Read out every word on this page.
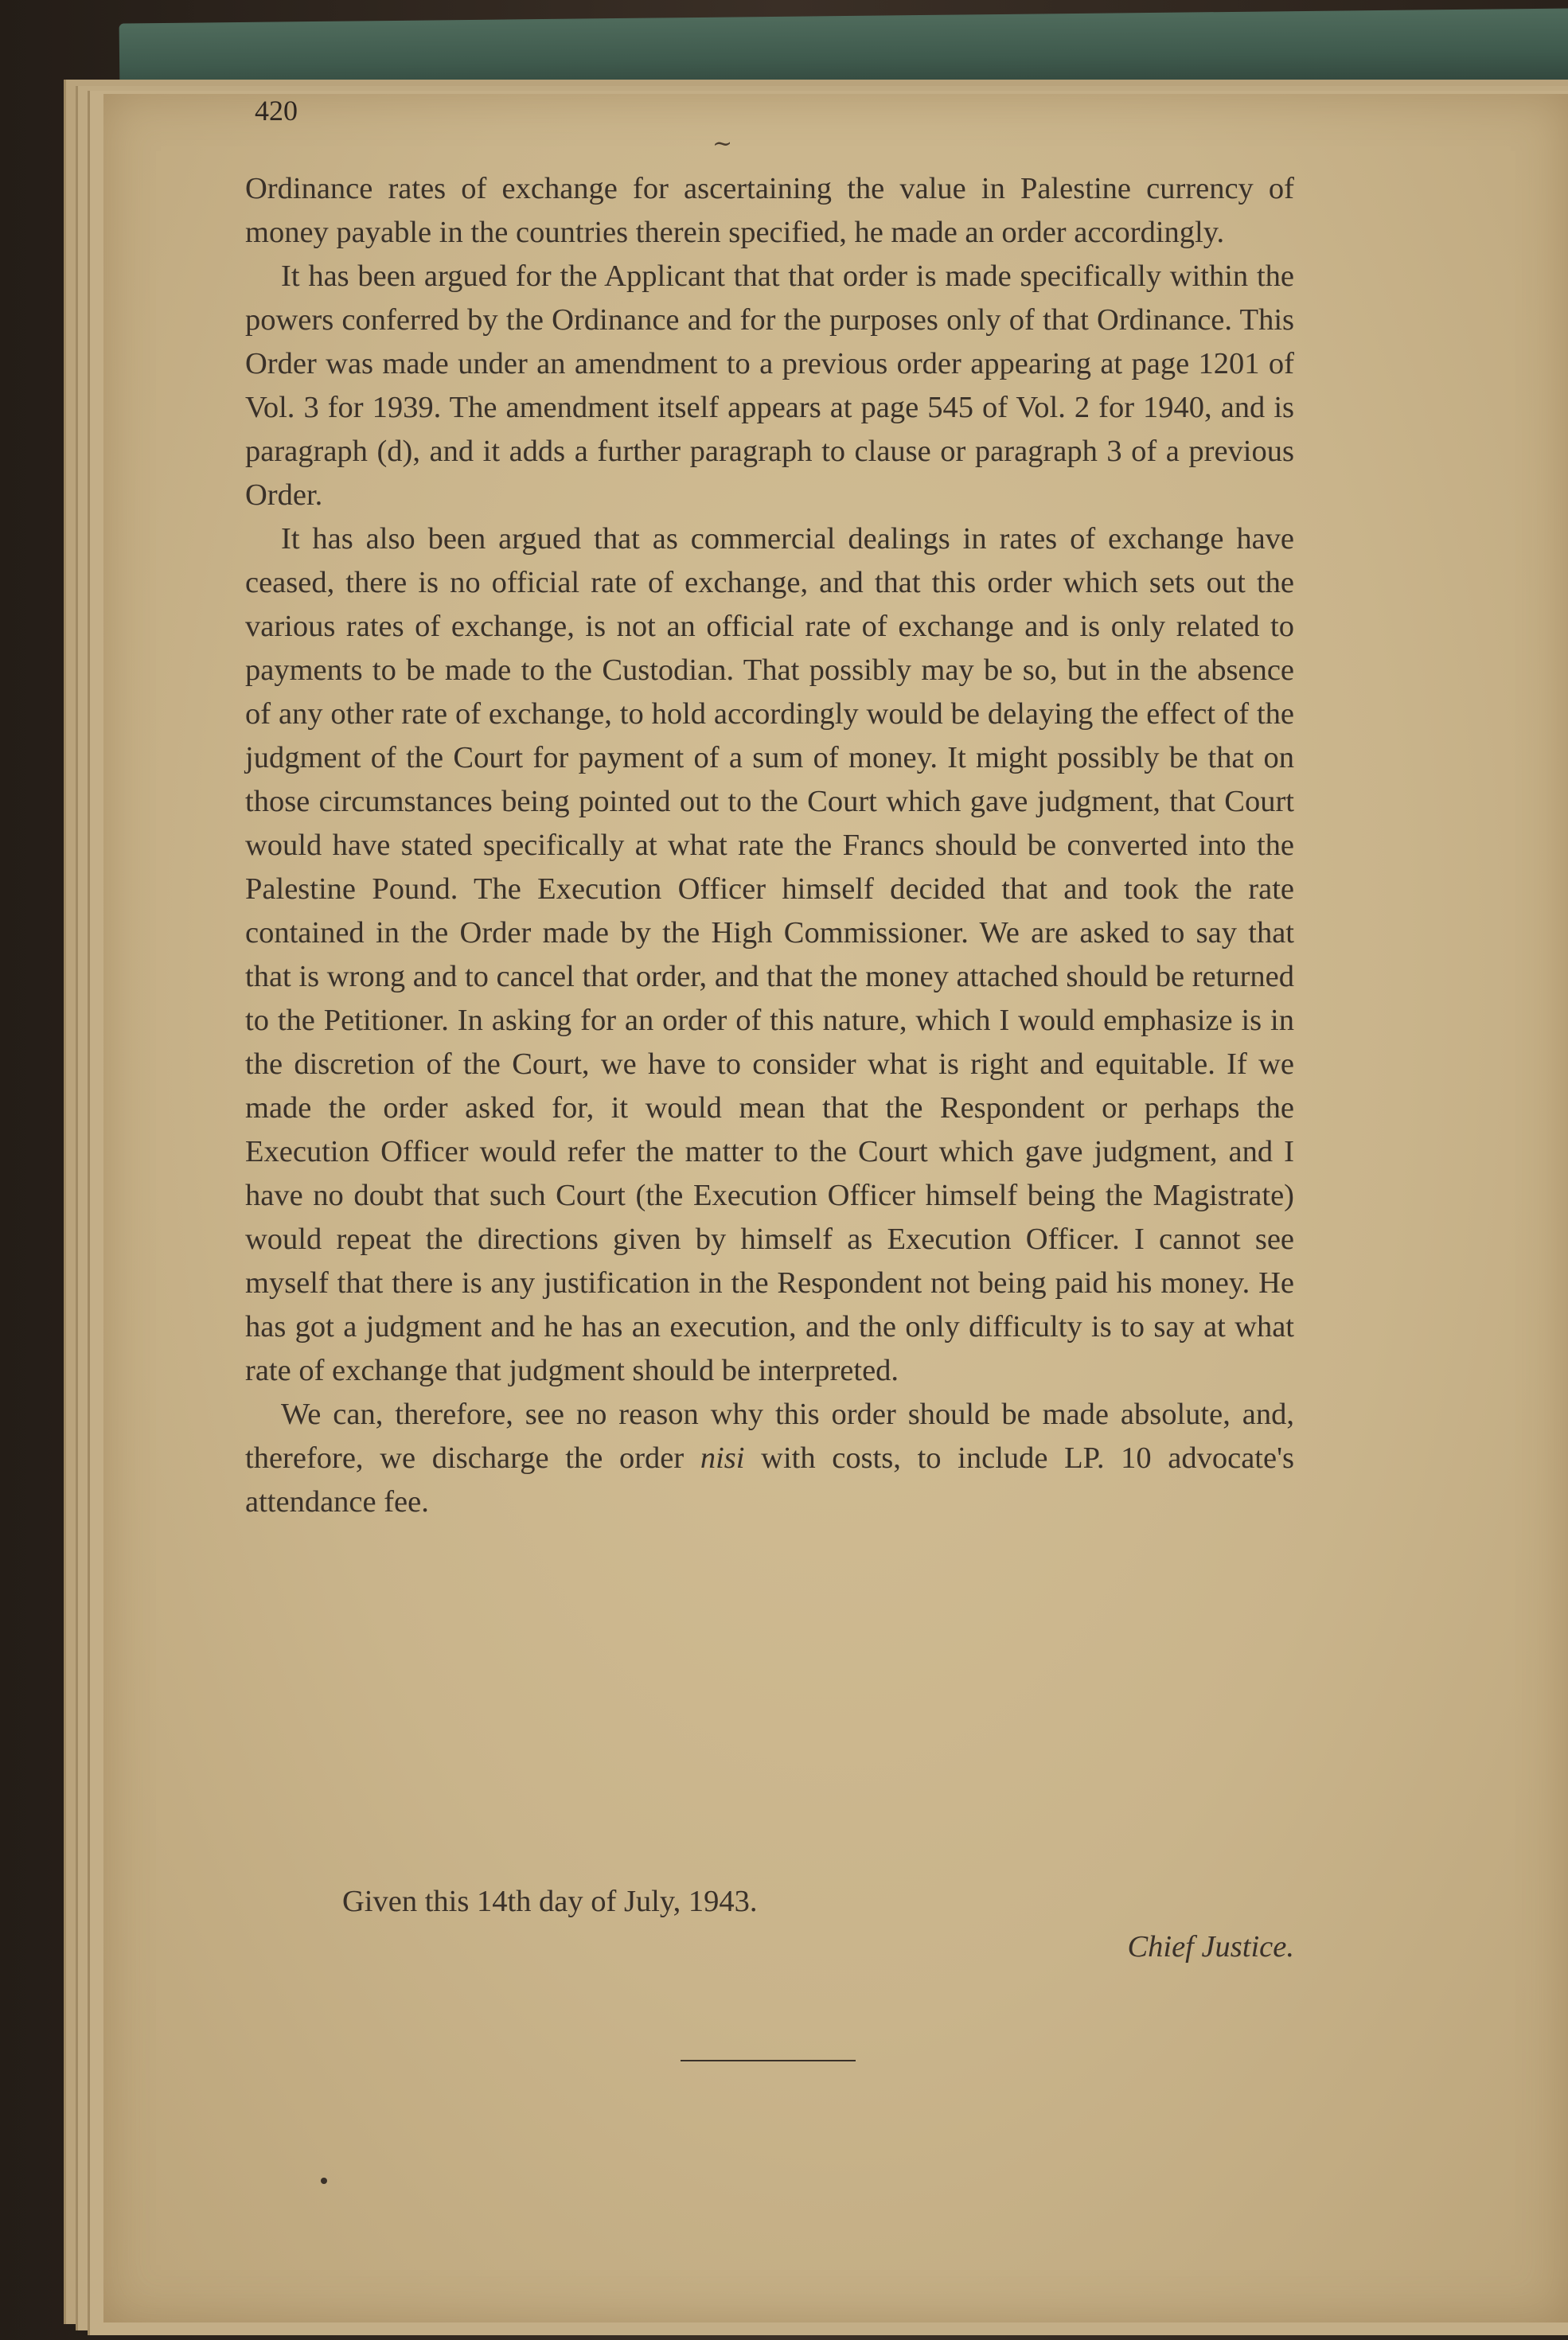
~

420

Ordinance rates of exchange for ascertaining the value in Palestine currency of money payable in the countries therein specified, he made an order accordingly.

It has been argued for the Applicant that that order is made specifically within the powers conferred by the Ordinance and for the purposes only of that Ordinance. This Order was made under an amendment to a previous order appearing at page 1201 of Vol. 3 for 1939. The amendment itself appears at page 545 of Vol. 2 for 1940, and is paragraph (d), and it adds a further paragraph to clause or paragraph 3 of a previous Order.

It has also been argued that as commercial dealings in rates of exchange have ceased, there is no official rate of exchange, and that this order which sets out the various rates of exchange, is not an official rate of exchange and is only related to payments to be made to the Custodian. That possibly may be so, but in the absence of any other rate of exchange, to hold accordingly would be delaying the effect of the judgment of the Court for payment of a sum of money. It might possibly be that on those circumstances being pointed out to the Court which gave judgment, that Court would have stated specifically at what rate the Francs should be converted into the Palestine Pound. The Execution Officer himself decided that and took the rate contained in the Order made by the High Commissioner. We are asked to say that that is wrong and to cancel that order, and that the money attached should be returned to the Petitioner. In asking for an order of this nature, which I would emphasize is in the discretion of the Court, we have to consider what is right and equitable. If we made the order asked for, it would mean that the Respondent or perhaps the Execution Officer would refer the matter to the Court which gave judgment, and I have no doubt that such Court (the Execution Officer himself being the Magistrate) would repeat the directions given by himself as Execution Officer. I cannot see myself that there is any justification in the Respondent not being paid his money. He has got a judgment and he has an execution, and the only difficulty is to say at what rate of exchange that judgment should be interpreted.

We can, therefore, see no reason why this order should be made absolute, and, therefore, we discharge the order nisi with costs, to include LP. 10 advocate's attendance fee.

Given this 14th day of July, 1943.

Chief Justice.
